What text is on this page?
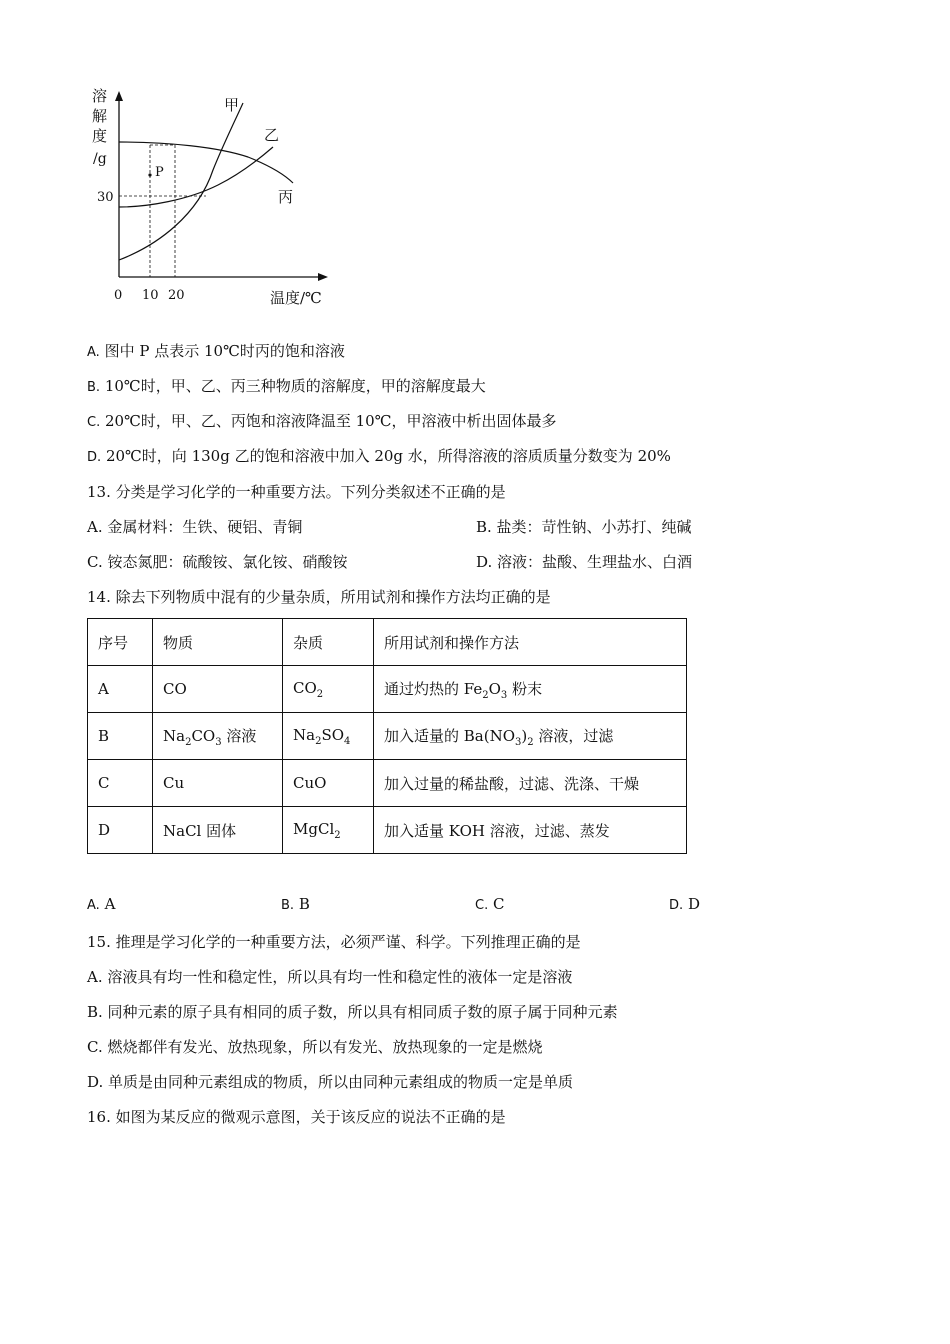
溶
解
度
/g
30
甲
乙
丙
P
0 10 20	温度/℃
A. 图中 P 点表示 10℃时丙的饱和溶液
B. 10℃时，甲、乙、丙三种物质的溶解度，甲的溶解度最大
C. 20℃时，甲、乙、丙饱和溶液降温至 10℃，甲溶液中析出固体最多
D. 20℃时，向 130g 乙的饱和溶液中加入 20g 水，所得溶液的溶质质量分数变为 20%
13. 分类是学习化学的一种重要方法。下列分类叙述不正确的是
A. 金属材料：生铁、硬铝、青铜	B. 盐类：苛性钠、小苏打、纯碱
C. 铵态氮肥：硫酸铵、氯化铵、硝酸铵	D. 溶液：盐酸、生理盐水、白酒
14. 除去下列物质中混有的少量杂质，所用试剂和操作方法均正确的是
序号	物质	杂质	所用试剂和操作方法
A	CO	$CO_2$	通过灼热的 $Fe_2O_3$ 粉末
B	$Na_2CO_3$ 溶液	$Na_2SO_4$	加入适量的 $Ba(NO_3)_2$ 溶液，过滤
C	Cu	CuO	加入过量的稀盐酸，过滤、洗涤、干燥
D	NaCl 固体	MgCl$_2$	加入适量 KOH 溶液，过滤、蒸发
A. A	B. B	C. C	D. D
15. 推理是学习化学的一种重要方法，必须严谨、科学。下列推理正确的是
A. 溶液具有均一性和稳定性，所以具有均一性和稳定性的液体一定是溶液
B. 同种元素的原子具有相同的质子数，所以具有相同质子数的原子属于同种元素
C. 燃烧都伴有发光、放热现象，所以有发光、放热现象的一定是燃烧
D. 单质是由同种元素组成的物质，所以由同种元素组成的物质一定是单质
16. 如图为某反应的微观示意图，关于该反应的说法不正确的是
